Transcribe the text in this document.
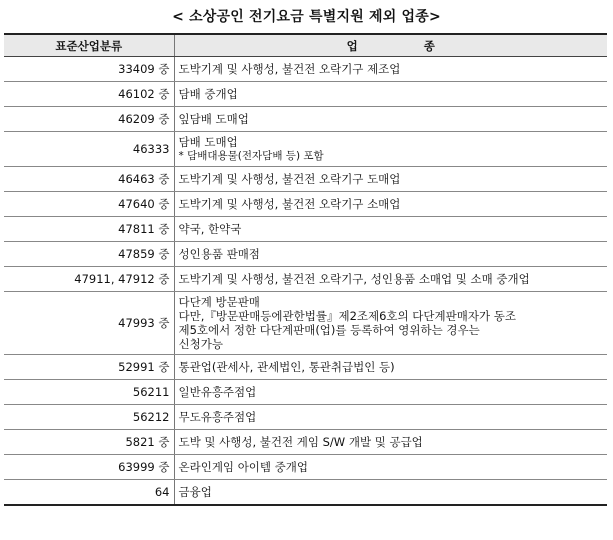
< 소상공인 전기요금 특별지원 제외 업종>
표준산업분류	업 종
33409 중	도박기계 및 사행성, 불건전 오락기구 제조업

46102 중	담배 중개업

46209 중	잎담배 도매업

46333	담배 도매업
* 담배대용물(전자담배 등) 포함

46463 중	도박기계 및 사행성, 불건전 오락기구 도매업

47640 중	도박기계 및 사행성, 불건전 오락기구 소매업

47811 중	약국, 한약국

47859 중	성인용품 판매점

47911, 47912 중	도박기계 및 사행성, 불건전 오락기구, 성인용품 소매업 및 소매 중개업

47993 중	다단계 방문판매
다만,『방문판매등에관한법률』제2조제6호의 다단계판매자가 동조
제5호에서 정한 다단계판매(업)를 등록하여 영위하는 경우는
신청가능

52991 중	통관업(관세사, 관세법인, 통관취급법인 등)

56211	일반유흥주점업

56212	무도유흥주점업

5821 중	도박 및 사행성, 불건전 게임 S/W 개발 및 공급업

63999 중	온라인게임 아이템 중개업

64	금융업
